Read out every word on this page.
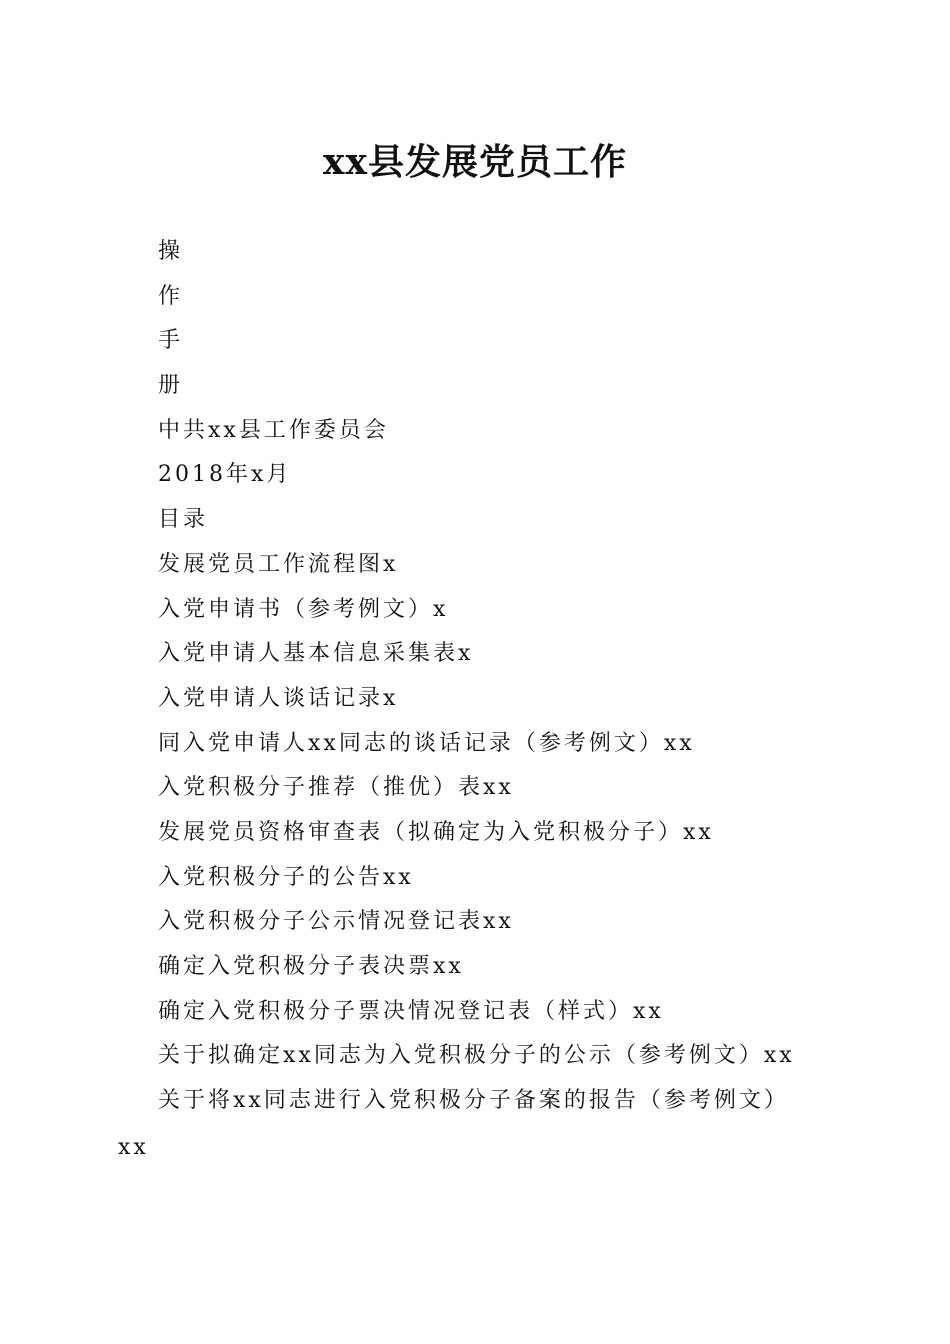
xx县发展党员工作
操
作
手
册
中共xx县工作委员会
2018年x月
目录
发展党员工作流程图x
入党申请书（参考例文）x
入党申请人基本信息采集表x
入党申请人谈话记录x
同入党申请人xx同志的谈话记录（参考例文）xx
入党积极分子推荐（推优）表xx
发展党员资格审查表（拟确定为入党积极分子）xx
入党积极分子的公告xx
入党积极分子公示情况登记表xx
确定入党积极分子表决票xx
确定入党积极分子票决情况登记表（样式）xx
关于拟确定xx同志为入党积极分子的公示（参考例文）xx
关于将xx同志进行入党积极分子备案的报告（参考例文）
xx
